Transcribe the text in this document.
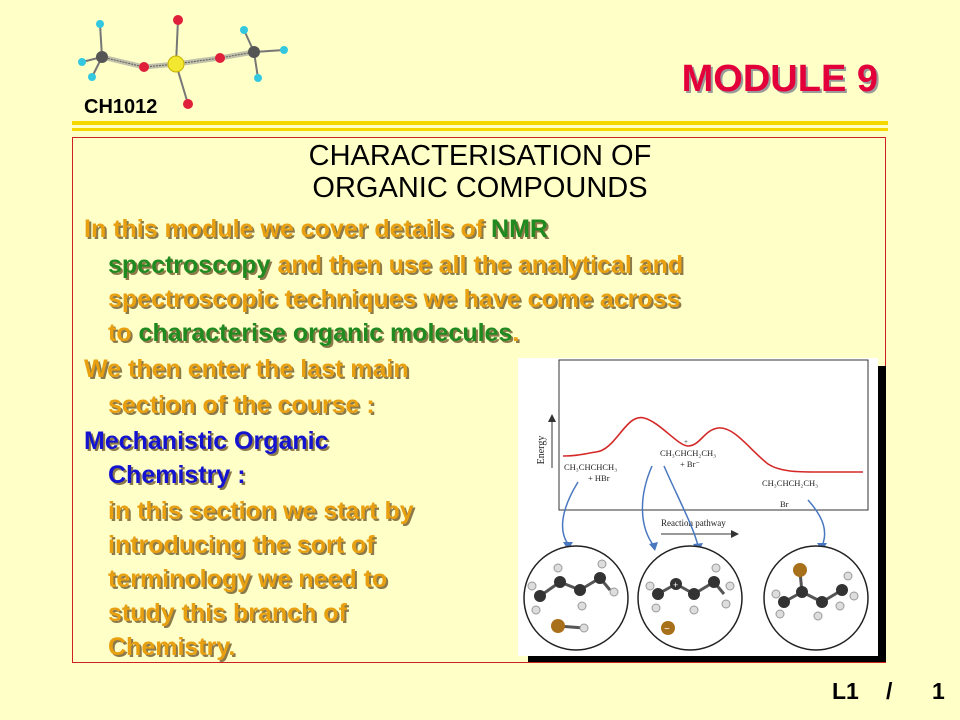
CH1012
MODULE 9
CHARACTERISATION OF
ORGANIC COMPOUNDS
In this module we cover details of NMR
spectroscopy and then use all the analytical and
spectroscopic techniques we have come across
to characterise organic molecules.
We then enter the last main
section of the course :
Mechanistic Organic
Chemistry :
in this section we start by
introducing the sort of
terminology we need to
study this branch of
Chemistry.
Energy
Reaction pathway
CH₃CHCHCH₃
+ HBr
+
CH₃CHCH₂CH₃
+ Br⁻
CH₃CHCH₂CH₃
Br
+
−
L1 / 1
